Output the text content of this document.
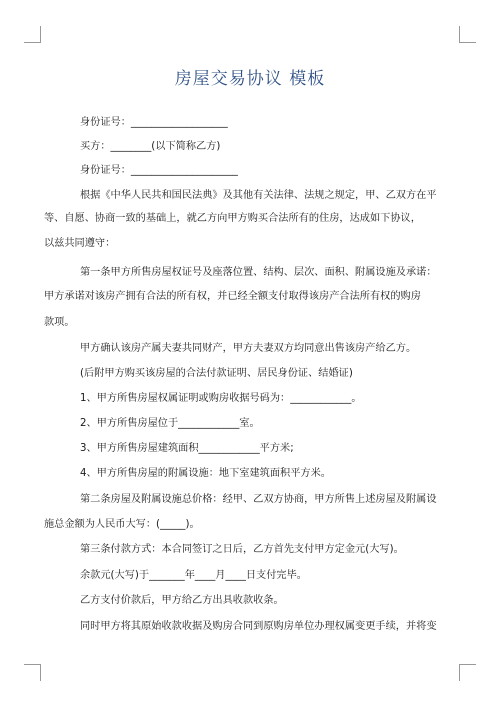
房屋交易协议 模板
身份证号：___________________
买方：________(以下简称乙方)
身份证号：_____________________
根据《中华人民共和国民法典》及其他有关法律、法规之规定，甲、乙双方在平
等、自愿、协商一致的基础上，就乙方向甲方购买合法所有的住房，达成如下协议，
以兹共同遵守：
第一条甲方所售房屋权证号及座落位置、结构、层次、面积、附属设施及承诺：
甲方承诺对该房产拥有合法的所有权，并已经全额支付取得该房产合法所有权的购房
款项。
甲方确认该房产属夫妻共同财产，甲方夫妻双方均同意出售该房产给乙方。
(后附甲方购买该房屋的合法付款证明、居民身份证、结婚证)
1、甲方所售房屋权属证明或购房收据号码为：____________。
2、甲方所售房屋位于____________室。
3、甲方所售房屋建筑面积____________平方米;
4、甲方所售房屋的附属设施：地下室建筑面积平方米。
第二条房屋及附属设施总价格：经甲、乙双方协商，甲方所售上述房屋及附属设
施总金额为人民币大写：(_____)。
第三条付款方式：本合同签订之日后，乙方首先支付甲方定金元(大写)。
余款元(大写)于_______年____月____日支付完毕。
乙方支付价款后，甲方给乙方出具收款收条。
同时甲方将其原始收款收据及购房合同到原购房单位办理权属变更手续，并将变
